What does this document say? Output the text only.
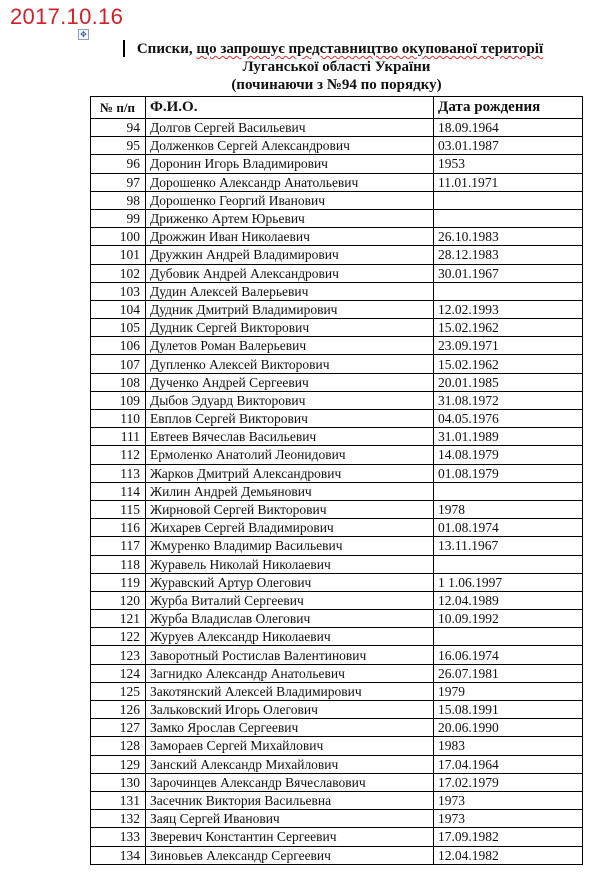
2017.10.16
✥
Списки, що запрошує представництво окупованої території
Луганської області України
(починаючи з №94 по порядку)
№ п/п	Ф.И.О.	Дата рождения
94	Долгов Сергей Васильевич	18.09.1964
95	Долженков Сергей Александрович	03.01.1987
96	Доронин Игорь Владимирович	1953
97	Дорошенко Александр Анатольевич	11.01.1971
98	Дорошенко Георгий Иванович	
99	Дриженко Артем Юрьевич	
100	Дрожжин Иван Николаевич	26.10.1983
101	Дружкин Андрей Владимирович	28.12.1983
102	Дубовик Андрей Александрович	30.01.1967
103	Дудин Алексей Валерьевич	
104	Дудник Дмитрий Владимирович	12.02.1993
105	Дудник Сергей Викторович	15.02.1962
106	Дулетов Роман Валерьевич	23.09.1971
107	Дупленко Алексей Викторович	15.02.1962
108	Дученко Андрей Сергеевич	20.01.1985
109	Дыбов Эдуард Викторович	31.08.1972
110	Евплов Сергей Викторович	04.05.1976
111	Евтеев Вячеслав Васильевич	31.01.1989
112	Ермоленко Анатолий Леонидович	14.08.1979
113	Жарков Дмитрий Александрович	01.08.1979
114	Жилин Андрей Демьянович	
115	Жирновой Сергей Викторович	1978
116	Жихарев Сергей Владимирович	01.08.1974
117	Жмуренко Владимир Васильевич	13.11.1967
118	Журавель Николай Николаевич	
119	Журавский Артур Олегович	1 1.06.1997
120	Журба Виталий Сергеевич	12.04.1989
121	Журба Владислав Олегович	10.09.1992
122	Журуев Александр Николаевич	
123	Заворотный Ростислав Валентинович	16.06.1974
124	Загнидко Александр Анатольевич	26.07.1981
125	Закотянский Алексей Владимирович	1979
126	Зальковский Игорь Олегович	15.08.1991
127	Замко Ярослав Сергеевич	20.06.1990
128	Замораев Сергей Михайлович	1983
129	Занский Александр Михайлович	17.04.1964
130	Зарочинцев Александр Вячеславович	17.02.1979
131	Засечник Виктория Васильевна	1973
132	Заяц Сергей Иванович	1973
133	Зверевич Константин Сергеевич	17.09.1982
134	Зиновьев Александр Сергеевич	12.04.1982
